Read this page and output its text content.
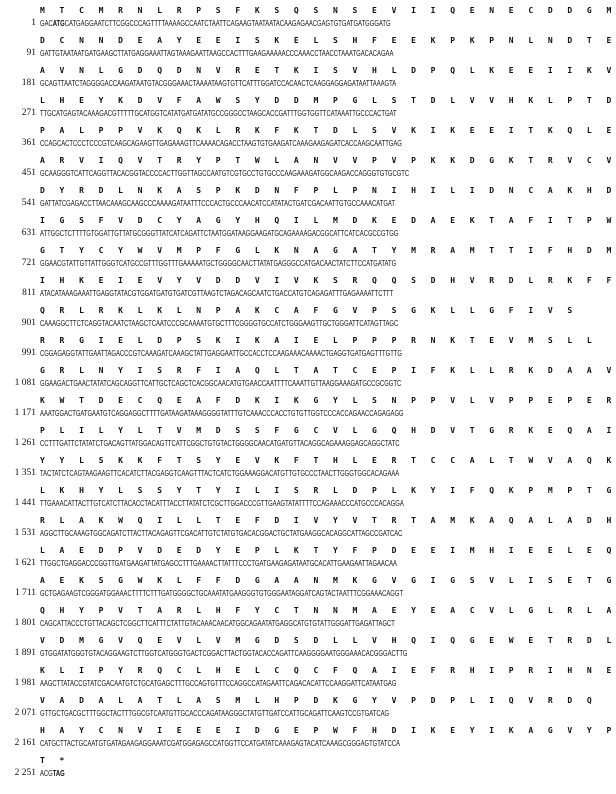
M T C M R N L R P S F K S Q S N S E V I I Q E N E C D D G M
1 GACATGCATGAGGAATCTTCGGCCCAGTTTTAAAAGCCAATCTAATTCAGAAGTAATAATACAAGAGAACGAGTGTGATGATGGGATG
D C N N D E A Y E E I S K E L S H F E E K P K P N L N D T E
91 GATTGTAATAATGATGAAGCTTATGAGGAAATTAGTAAAGAATTAAGCCACTTTGAAGAAAAACCCAAACCTAACCTAAATGACACAGAA
A V N L G D Q D N V R E T K I S V H L D P Q L K E E I I K V
181 GCAGTTAATCTAGGGGACCAAGATAATGTACGGGAAACTAAAATAAGTGTTCATTTGGATCCACAACTCAAGGAGGAGATAATTAAAGTA
L H E Y K D V F A W S Y D D M P G L S T D L V V H K L P T D
271 TTGCATGAGTACAAAGACGTTTTTGCATGGTCATATGATGATATGCCGGGCCTAAGCACCGATTTGGTGGTTCATAAATTGCCCACTGAT
P A L P P V K Q K L R K F K T D L S V K I K E E I T K Q L E
361 CCAGCACTCCCTCCCGTCAAGCAGAAGTTGAGAAAGTTCAAAACAGACCTAAGTGTGAAGATCAAAGAAGAGATCACCAAGCAATTGAG
A R V I Q V T R Y P T W L A N V V P V P K K D G K T R V C V
451 GCAAGGGTCATTCAGGTTACACGGTACCCCACTTGGTTAGCCAATGTCGTGCCTGTGCCCAAGAAAGATGGCAAGACCAGGGTGTGCGTC
D Y R D L N K A S P K D N F P L P N I H I L I D N C A K H D
541 GATTATCGAGACCTTAACAAAGCAAGCCCAAAAGATAATTTCCCACTGCCCAACATCCATATACTGATCGACAATTGTGCCAAACATGAT
I G S F V D C Y A G Y H Q I L M D K E D A E K T A F I T P W
631 ATTGGCTCTTTTGTGGATTGTTATGCGGGTTATCATCAGATTCTAATGGATAAGGAAGATGCAGAAAAGACGGCATTCATCACGCCGTGG
G T Y C Y W V M P F G L K N A G A T Y M R A M T T I F H D M
721 GGAACGTATTGTTATTGGGTCATGCCGTTTGGTTTGAAAAATGCTGGGGCAACTTATATGAGGGCCATGACAACTATCTTCCATGATATG
I H K E I E V Y V D D V I V K S R Q Q S D H V R D L R K F F
811 ATACATAAAGAAATTGAGGTATACGTGGATGATGTGATCGTTAAGTCTAGACAGCAATCTGACCATGTCAGAGATTTGAGAAAATTCTTT
Q R L R K L K L N P A K C A F G V P S G K L L G F I V S
901 CAAAGGCTTCTCAGGTACAATCTAAGCTCAATCCCGCAAAATGTGCTTTCGGGGTGCCATCTGGGAAGTTGCTGGGATTCATAGTTAGC
R R G I E L D P S K I K A I E L P P P R N K T E V M S L L
991 CGGAGAGGTATTGAATTAGACCCGTCAAAGATCAAAGCTATTGAGGAATTGCCACCTCCAAGAAACAAAACTGAGGTGATGAGTTTGTTG
G R L N Y I S R F I A Q L T A T C E P I F K L L R K D A A V
1 081 GGAAGACTGAACTATATCAGCAGGTTCATTGCTCAGCTCACGGCAACATGTGAACCAATTTTCAAATTGTTAAGGAAAGATGCCGCGGTC
K W T D E C Q E A F D K I K G Y L S N P P V L V P P E P E R
1 171 AAATGGACTGATGAATGTCAGGAGGCTTTTGATAAGATAAAGGGGTATTTGTCAAACCCACCTGTGTTGGTCCCACCAGAACCAGAGAGG
P L I L Y L T V M D S S F G C V L G Q H D V T G R K E Q A I
1 261 CCTTTGATTCTATATCTGACAGTTATGGACAGTTCATTCGGCTGTGTACTGGGGCAACATGATGTTACAGGCAGAAAGGAGCAGGCTATC
Y Y L S K K F T S Y E V K F T H L E R T C C A L T W V A Q K
1 351 TACTATCTCAGTAAGAAGTTCACATCTTACGAGGTCAAGTTTACTCATCTGGAAAGGACATGTTGTGCCCTAACTTGGGTGGCACAGAAA
L K H Y L S S Y T Y I L I S R L D P L K Y I F Q K P M P T G
1 441 TTGAAACATTACTTGTCATCTTACACCTACATTTACCTTATATCTCGCTTGGACCCGTTGAAGTATATTTTCCAGAAACCCATGCCCACAGGA
R L A K W Q I L L T E F D I V Y V T R T A M K A Q A L A D H
1 531 AGGCTTGCAAAGTGGCAGATCTTACTTACAGAGTTCGACATTGTCTATGTGACACGGACTGCTATGAAGGCACAGGCATTAGCCGATCAC
L A E D P V D E D Y E P L K T Y F P D E E I M H I E E L E Q
1 621 TTGGCTGAGGACCCGGTTGATGAAGATTATGAGCCTTTGAAAACTTATTTCCCTGATGAAGAGATAATGCACATTGAAGAATTAGAACAA
A E K S G W K L F F D G A A N M K G V G I G S V L I S E T G
1 711 GCTGAGAAGTCGGGATGGAAACTTTTCTTTGATGGGGCTGCAAATATGAAGGGTGTGGGAATAGGATCAGTACTAATTTCGGAAACAGGT
Q H Y P V T A R L H F Y C T N N M A E Y E A C V L G L R L A
1 801 CAGCATTACCCTGTTACAGCTCGGCTTCATTTCTATTGTACAAACAACATGGCAGAATATGAGGCATGTGTATTGGGATTGAGATTAGCT
V D M G V Q E V L V M G D S D L L V H Q I Q G E W E T R D L
1 891 GTGGATATGGGTGTACAGGAAGTCTTGGTCATGGGTGACTCGGACTTACTGGTACACCAGATTCAAGGGGAATGGGAAACACGGGACTTG
K L I P Y R Q C L H E L C Q C F Q A I E F R H I P R I H N E
1 981 AAGCTTATACCGTATCGACAATGTCTGCATGAGCTTTGCCAGTGTTTCCAGGCCATAGAATTCAGACACATTCCAAGGATTCATAATGAG
V A D A L A T L A S M L H P D K G Y V P D P L I Q V R D Q
2 071 GTTGCTGACGCTTTGGCTACTTTGGCGTCAATGTTGCACCCAGATAAGGGCTATGTTGATCCATTGCAGATTCAAGTCCGTGATCAG
H A Y C N V I E E E I D G E P W F H D I K E Y I K A G V Y P
2 161 CATGCTTACTGCAATGTGATAGAAGAGGAAATCGATGGAGAGCCATGGTTCCATGATATCAAAGAGTACATCAAAGCGGGAGTGTATCCA
T *
2 251 ACGTAG
